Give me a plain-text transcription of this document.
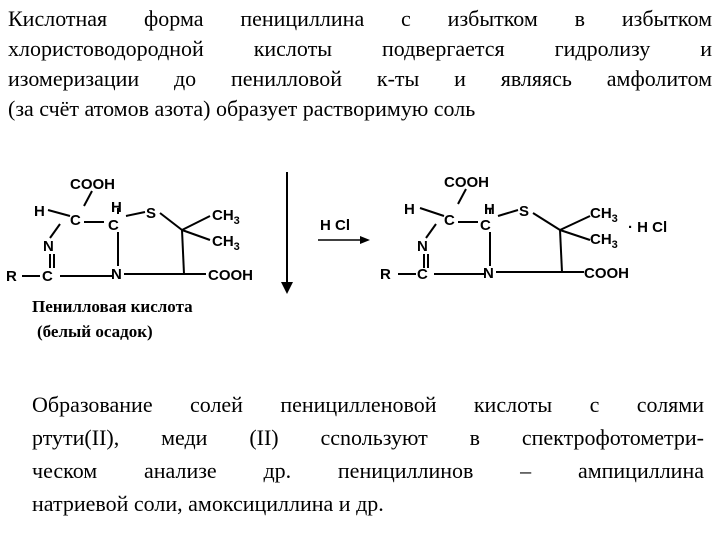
Кислотная форма пенициллина с избытком в избытком
хлористоводородной кислоты подвергается гидролизу и
изомеризации до пенилловой к-ты и являясь амфолитом
(за счёт атомов азота) образует растворимую соль
COOH
H
C
H
C
S
N
R C	N
$CH_3$
$CH_3$
COOH
H Cl
COOH
H
C
H
C
S
N
R C	N
$CH_3$
$CH_3$
COOH
· H Cl
Пенилловая кислота
(белый осадок)
Образование солей пенициллeновой кислоты с солями
ртути(II), меди (II) ссnользуют в спектрофотометри-
ческом анализе др. пенициллинов – ампициллина
натриевой соли, амоксициллина и др.
